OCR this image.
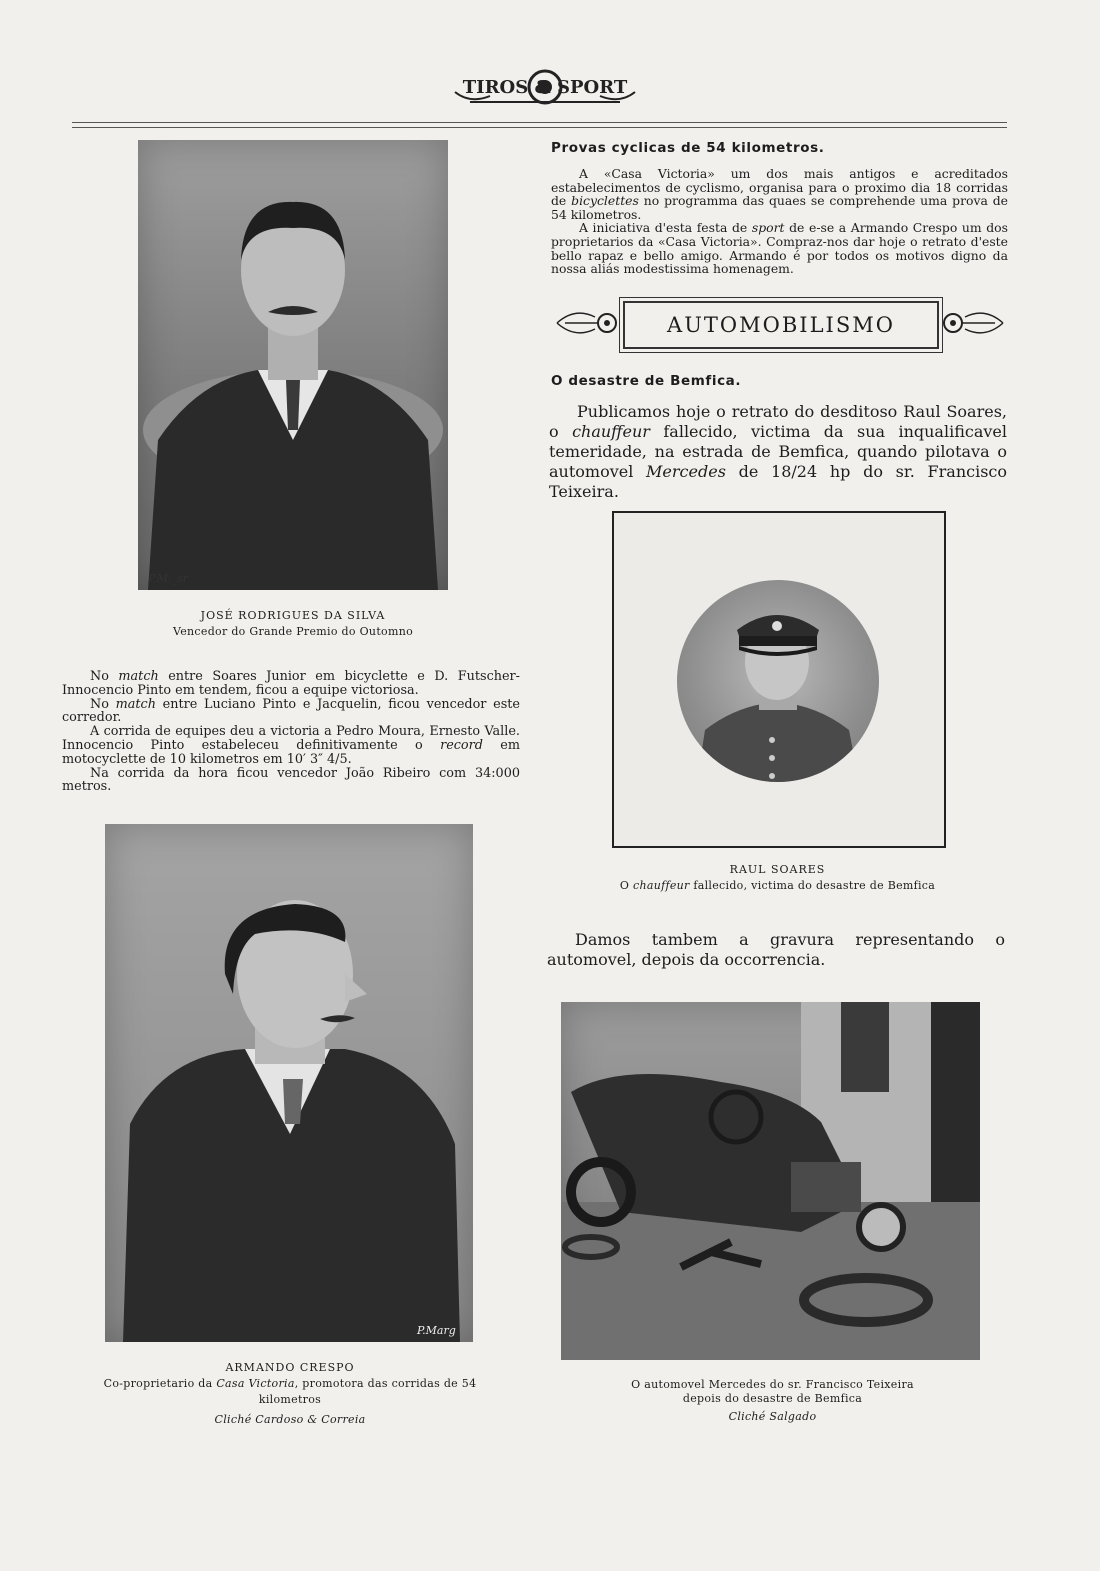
TIROS & SPORT
P.M._sr
JOSÉ RODRIGUES DA SILVA
Vencedor do Grande Premio do Outomno

No match entre Soares Junior em bicyclette e D. Futscher-Innocencio Pinto em tendem, ficou a equipe victoriosa.

No match entre Luciano Pinto e Jacquelin, ficou vencedor este corredor.

A corrida de equipes deu a victoria a Pedro Moura, Ernesto Valle. Innocencio Pinto estabeleceu definitivamente o record em motocyclette de 10 kilometros em 10′ 3″ 4/5.

Na corrida da hora ficou vencedor João Ribeiro com 34:000 metros.

P.Marg
ARMANDO CRESPO
Co-proprietario da Casa Victoria, promotora das corridas de 54 kilometros
Cliché Cardoso & Correia
Provas cyclicas de 54 kilometros.

A «Casa Victoria» um dos mais antigos e acreditados estabelecimentos de cyclismo, organisa para o proximo dia 18 corridas de bicyclettes no programma das quaes se comprehende uma prova de 54 kilometros.

A iniciativa d'esta festa de sport de e-se a Armando Crespo um dos proprietarios da «Casa Victoria». Compraz-nos dar hoje o retrato d'este bello rapaz e bello amigo. Armando é por todos os motivos digno da nossa aliás modestissima homenagem.

AUTOMOBILISMO
O desastre de Bemfica.

Publicamos hoje o retrato do desditoso Raul Soares, o chauffeur fallecido, victima da sua inqualificavel temeridade, na estrada de Bemfica, quando pilotava o automovel Mercedes de 18/24 hp do sr. Francisco Teixeira.

RAUL SOARES
O chauffeur fallecido, victima do desastre de Bemfica

Damos tambem a gravura representando o automovel, depois da occorrencia.

O automovel Mercedes do sr. Francisco Teixeira
depois do desastre de Bemfica
Cliché Salgado
